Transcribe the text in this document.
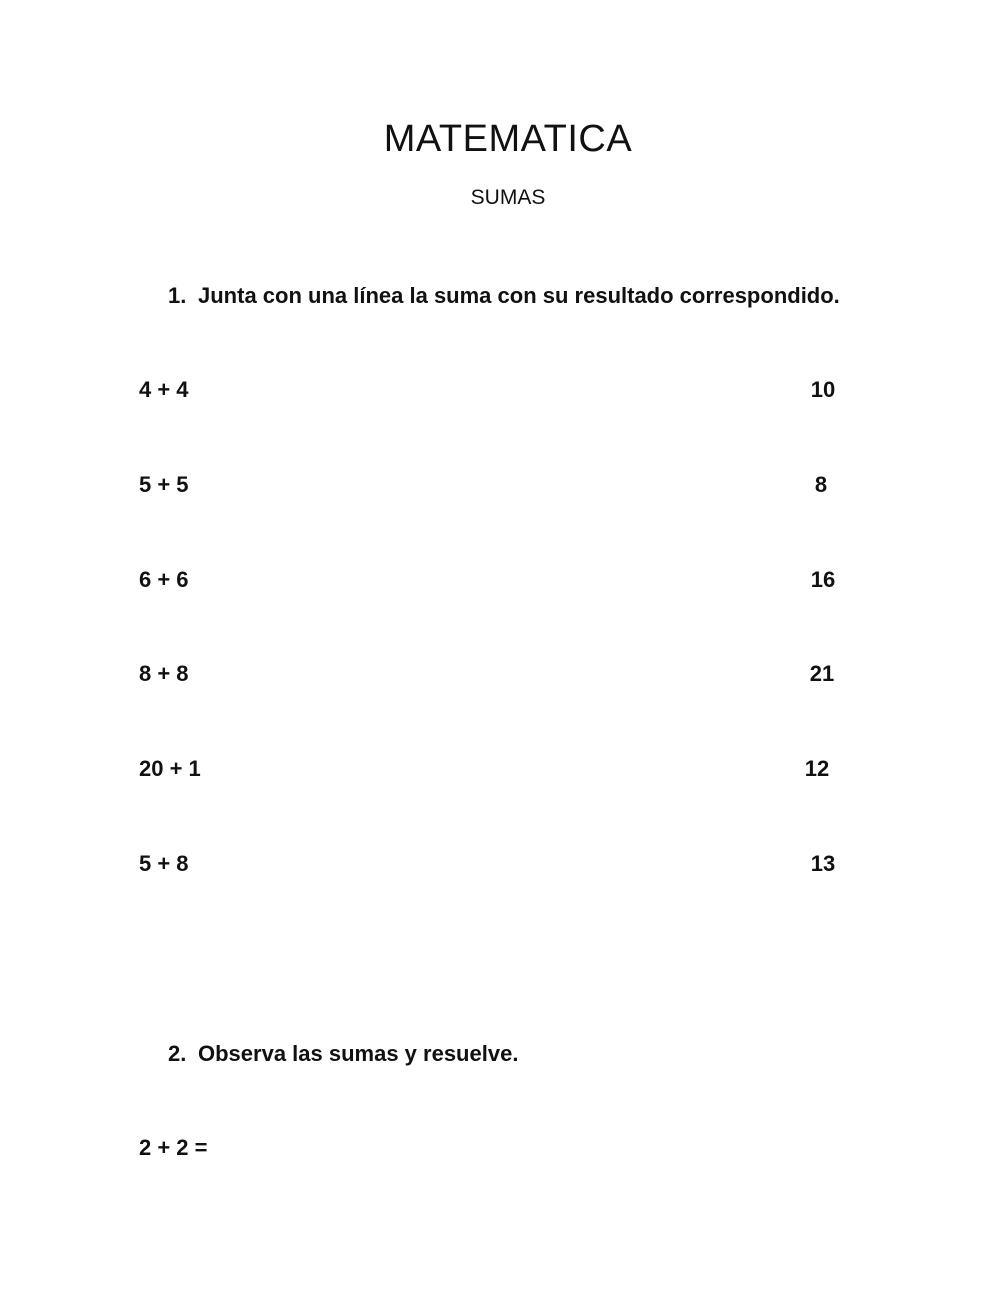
MATEMATICA
SUMAS
1. Junta con una línea la suma con su resultado correspondido.
4 + 4	10
5 + 5	8
6 + 6	16
8 + 8	21
20 + 1	12
5 + 8	13
2. Observa las sumas y resuelve.
2 + 2 =
